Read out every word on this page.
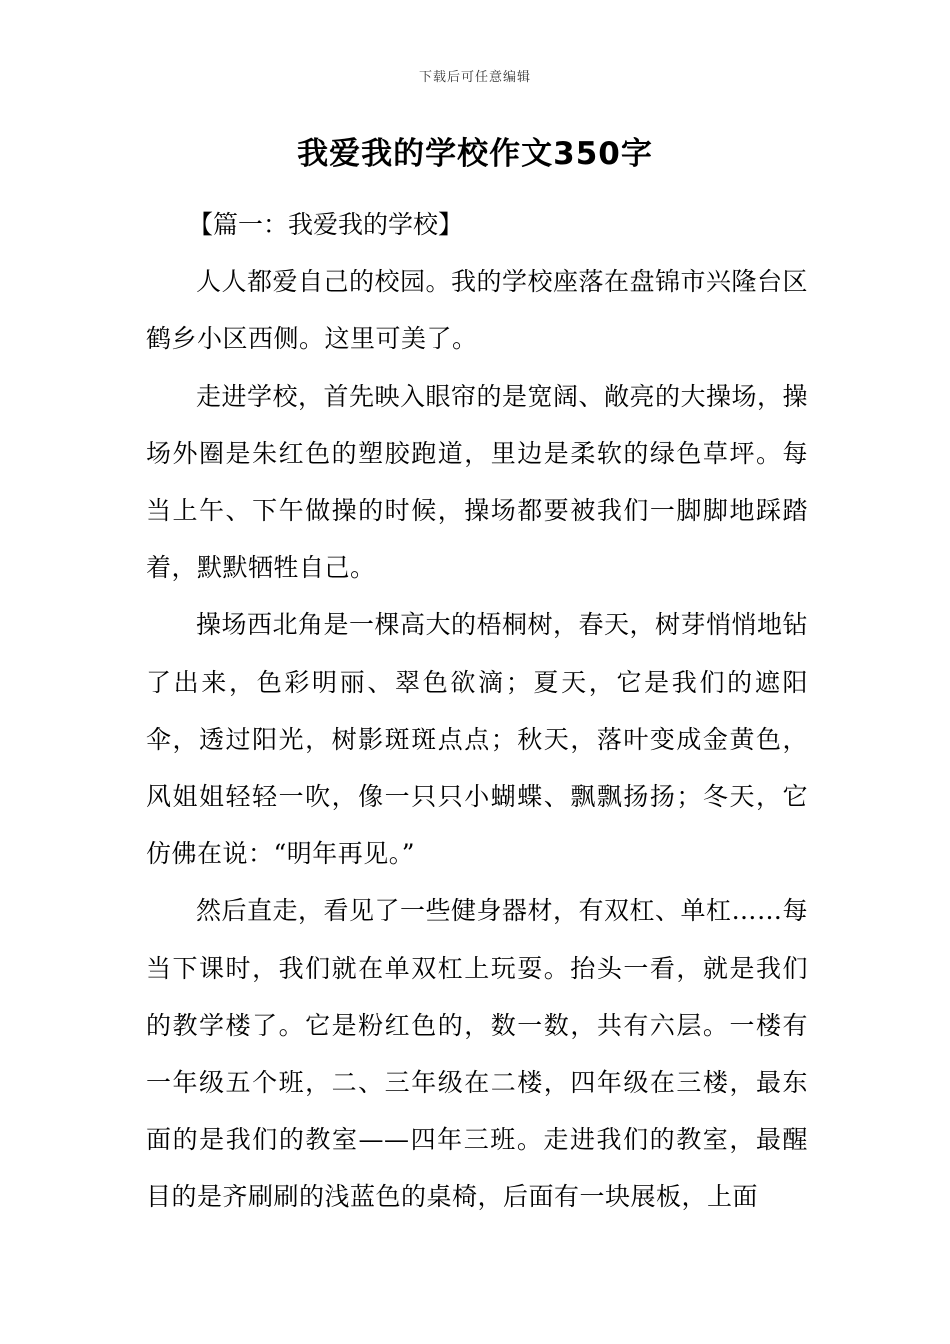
下载后可任意编辑
我爱我的学校作文350字

【篇一：我爱我的学校】

人人都爱自己的校园。我的学校座落在盘锦市兴隆台区鹤乡小区西侧。这里可美了。

走进学校，首先映入眼帘的是宽阔、敞亮的大操场，操场外圈是朱红色的塑胶跑道，里边是柔软的绿色草坪。每当上午、下午做操的时候，操场都要被我们一脚脚地踩踏着，默默牺牲自己。

操场西北角是一棵高大的梧桐树，春天，树芽悄悄地钻了出来，色彩明丽、翠色欲滴；夏天，它是我们的遮阳伞，透过阳光，树影斑斑点点；秋天，落叶变成金黄色，风姐姐轻轻一吹，像一只只小蝴蝶、飘飘扬扬；冬天，它仿佛在说：“明年再见。”

然后直走，看见了一些健身器材，有双杠、单杠……每当下课时，我们就在单双杠上玩耍。抬头一看，就是我们的教学楼了。它是粉红色的，数一数，共有六层。一楼有一年级五个班，二、三年级在二楼，四年级在三楼，最东面的是我们的教室——四年三班。走进我们的教室，最醒目的是齐刷刷的浅蓝色的桌椅，后面有一块展板，上面
